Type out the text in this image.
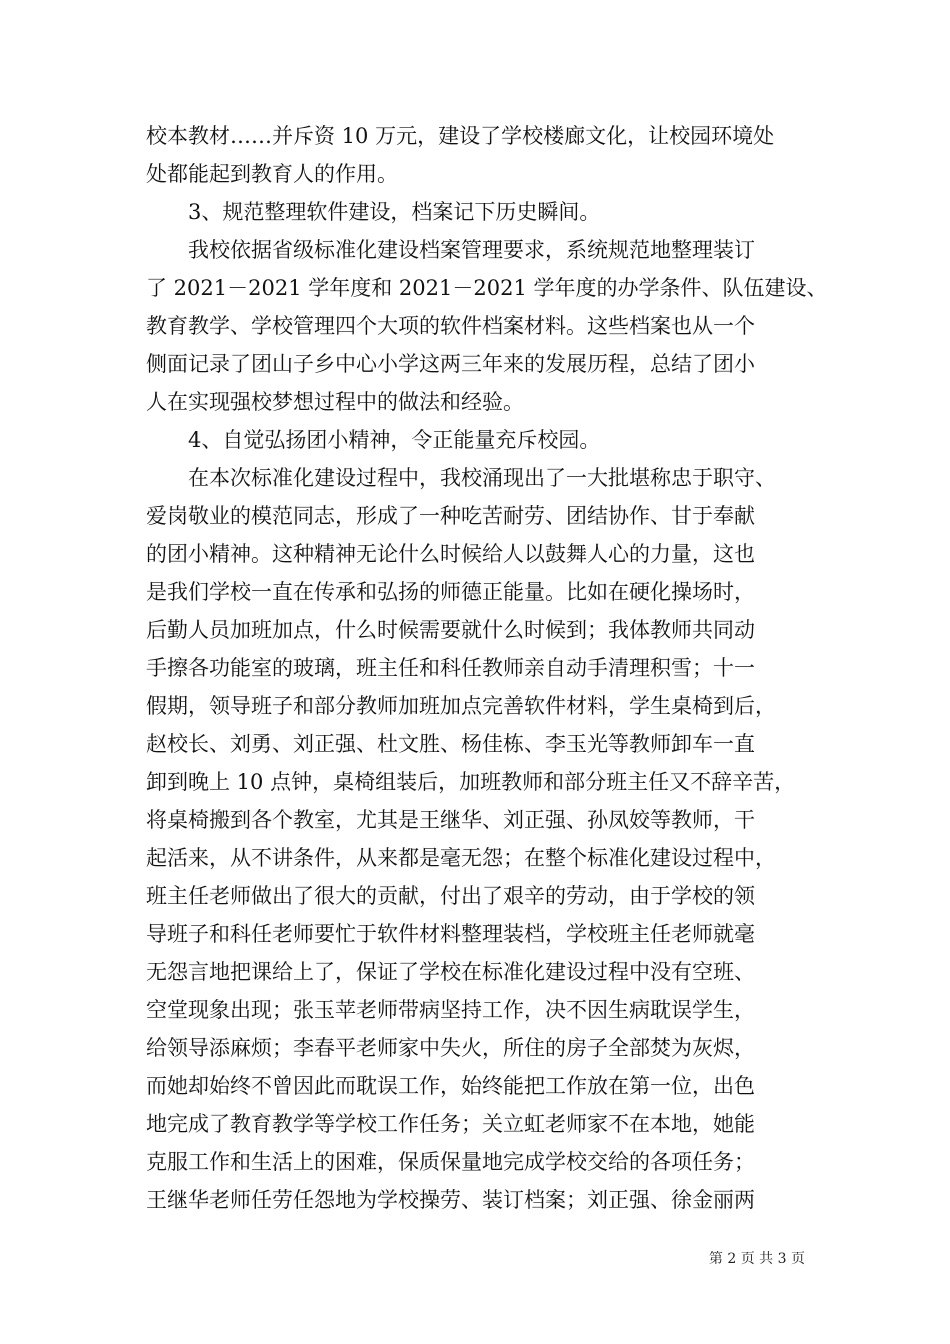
校本教材……并斥资 10 万元，建设了学校楼廊文化，让校园环境处
处都能起到教育人的作用。
3、规范整理软件建设，档案记下历史瞬间。
我校依据省级标准化建设档案管理要求，系统规范地整理装订
了 2021－2021 学年度和 2021－2021 学年度的办学条件、队伍建设、
教育教学、学校管理四个大项的软件档案材料。这些档案也从一个
侧面记录了团山子乡中心小学这两三年来的发展历程，总结了团小
人在实现强校梦想过程中的做法和经验。
4、自觉弘扬团小精神，令正能量充斥校园。
在本次标准化建设过程中，我校涌现出了一大批堪称忠于职守、
爱岗敬业的模范同志，形成了一种吃苦耐劳、团结协作、甘于奉献
的团小精神。这种精神无论什么时候给人以鼓舞人心的力量，这也
是我们学校一直在传承和弘扬的师德正能量。比如在硬化操场时，
后勤人员加班加点，什么时候需要就什么时候到；我体教师共同动
手擦各功能室的玻璃，班主任和科任教师亲自动手清理积雪；十一
假期，领导班子和部分教师加班加点完善软件材料，学生桌椅到后，
赵校长、刘勇、刘正强、杜文胜、杨佳栋、李玉光等教师卸车一直
卸到晚上 10 点钟，桌椅组装后，加班教师和部分班主任又不辞辛苦，
将桌椅搬到各个教室，尤其是王继华、刘正强、孙凤姣等教师，干
起活来，从不讲条件，从来都是毫无怨；在整个标准化建设过程中，
班主任老师做出了很大的贡献，付出了艰辛的劳动，由于学校的领
导班子和科任老师要忙于软件材料整理装档，学校班主任老师就毫
无怨言地把课给上了，保证了学校在标准化建设过程中没有空班、
空堂现象出现；张玉苹老师带病坚持工作，决不因生病耽误学生，
给领导添麻烦；李春平老师家中失火，所住的房子全部焚为灰烬，
而她却始终不曾因此而耽误工作，始终能把工作放在第一位，出色
地完成了教育教学等学校工作任务；关立虹老师家不在本地，她能
克服工作和生活上的困难，保质保量地完成学校交给的各项任务；
王继华老师任劳任怨地为学校操劳、装订档案；刘正强、徐金丽两
第 2 页 共 3 页
